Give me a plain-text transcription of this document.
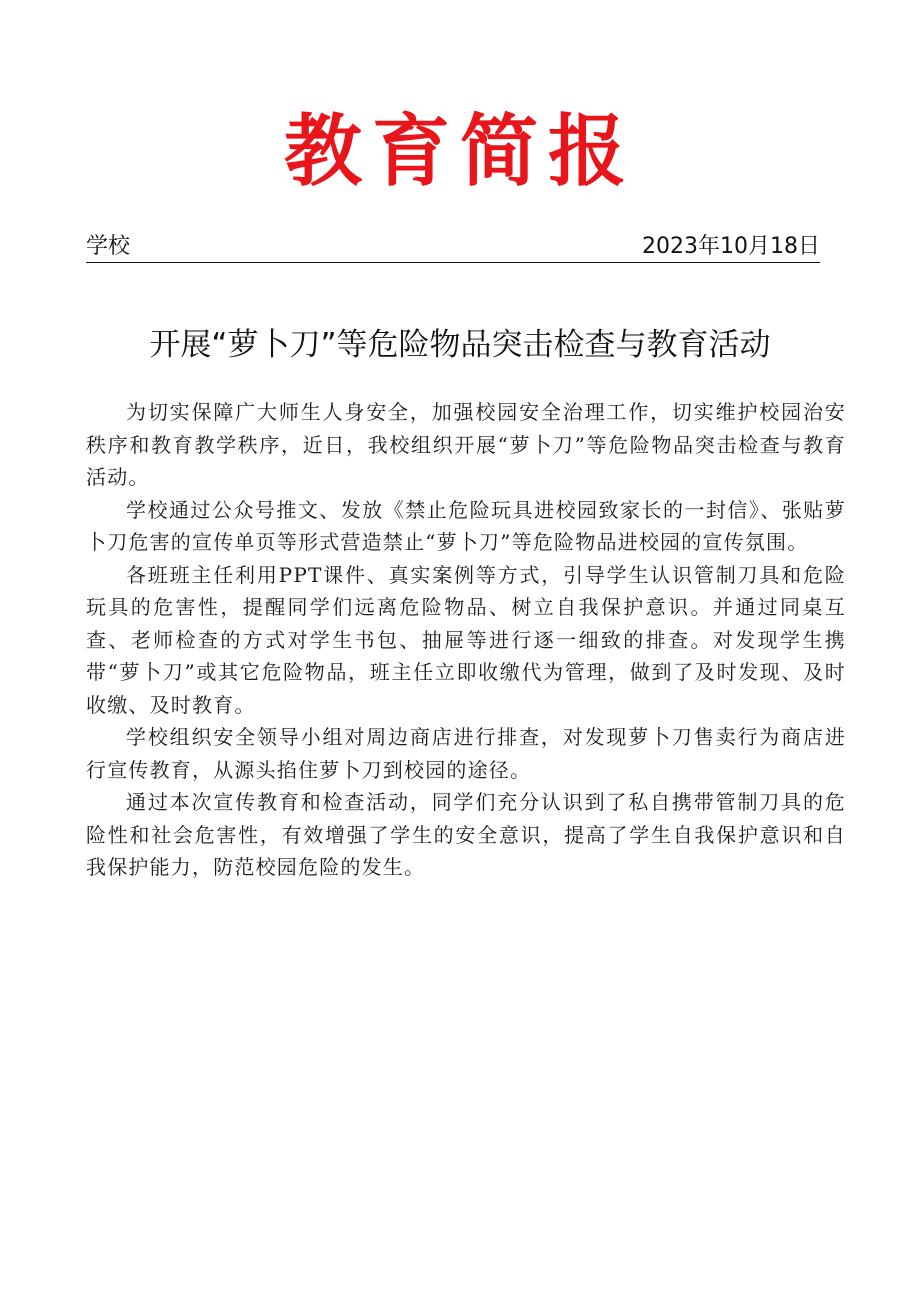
教育简报
学校	2023年10月18日
开展“萝卜刀”等危险物品突击检查与教育活动

为切实保障广大师生人身安全，加强校园安全治理工作，切实维护校园治安秩序和教育教学秩序，近日，我校组织开展“萝卜刀”等危险物品突击检查与教育活动。

学校通过公众号推文、发放《禁止危险玩具进校园致家长的一封信》、张贴萝卜刀危害的宣传单页等形式营造禁止“萝卜刀”等危险物品进校园的宣传氛围。

各班班主任利用PPT课件、真实案例等方式，引导学生认识管制刀具和危险玩具的危害性，提醒同学们远离危险物品、树立自我保护意识。并通过同桌互查、老师检查的方式对学生书包、抽屉等进行逐一细致的排查。对发现学生携带“萝卜刀”或其它危险物品，班主任立即收缴代为管理，做到了及时发现、及时收缴、及时教育。

学校组织安全领导小组对周边商店进行排查，对发现萝卜刀售卖行为商店进行宣传教育，从源头掐住萝卜刀到校园的途径。

通过本次宣传教育和检查活动，同学们充分认识到了私自携带管制刀具的危险性和社会危害性，有效增强了学生的安全意识，提高了学生自我保护意识和自我保护能力，防范校园危险的发生。
